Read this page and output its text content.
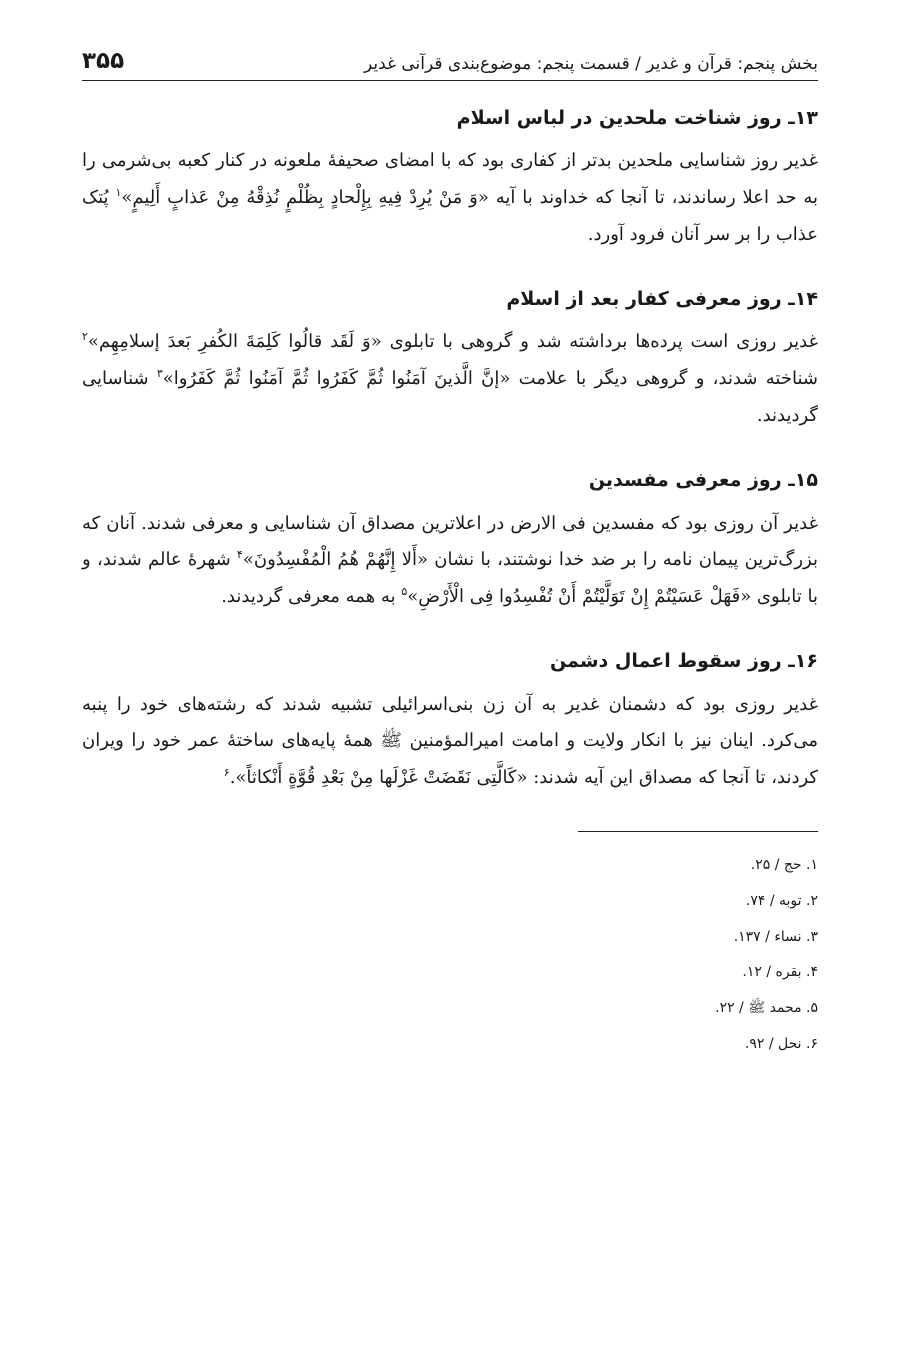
بخش پنجم: قرآن و غدیر / قسمت پنجم: موضوع‌بندی قرآنی غدیر
۳۵۵
۱۳ـ روز شناخت ملحدین در لباس اسلام

غدیر روز شناسایی ملحدین بدتر از کفاری بود که با امضای صحیفهٔ ملعونه در کنار کعبه بی‌شرمی را به حد اعلا رساندند، تا آنجا که خداوند با آیه «وَ مَنْ یُرِدْ فِیهِ بِإِلْحادٍ بِظُلْمٍ نُذِقْهُ مِنْ عَذابٍ أَلِیمٍ»$^۱$ پُتک عذاب را بر سر آنان فرود آورد.

۱۴ـ روز معرفی کفار بعد از اسلام

غدیر روزی است پرده‌ها برداشته شد و گروهی با تابلوی «وَ لَقَد قالُوا کَلِمَةَ الکُفرِ بَعدَ إسلامِهِم»$^۲$ شناخته شدند، و گروهی دیگر با علامت «إنَّ الَّذینَ آمَنُوا ثُمَّ کَفَرُوا ثُمَّ آمَنُوا ثُمَّ کَفَرُوا»$^۳$ شناسایی گردیدند.

۱۵ـ روز معرفی مفسدین

غدیر آن روزی بود که مفسدین فی الارض در اعلاترین مصداق آن شناسایی و معرفی شدند. آنان که بزرگ‌ترین پیمان نامه را بر ضد خدا نوشتند، با نشان «أَلا إِنَّهُمْ هُمُ الْمُفْسِدُونَ»$^۴$ شهرهٔ عالم شدند، و با تابلوی «فَهَلْ عَسَیْتُمْ إِنْ تَوَلَّیْتُمْ أَنْ تُفْسِدُوا فِی الْأَرْضِ»$^۵$ به همه معرفی گردیدند.

۱۶ـ روز سقوط اعمال دشمن

غدیر روزی بود که دشمنان غدیر به آن زن بنی‌اسرائیلی تشبیه شدند که رشته‌های خود را پنبه می‌کرد. اینان نیز با انکار ولایت و امامت امیرالمؤمنین ﷺ همهٔ پایه‌های ساختهٔ عمر خود را ویران کردند، تا آنجا که مصداق این آیه شدند: «کَالَّتِی نَقَضَتْ غَزْلَها مِنْ بَعْدِ قُوَّةٍ أَنْکاثاً».$^۶$

۱. حج / ۲۵.
۲. توبه / ۷۴.
۳. نساء / ۱۳۷.
۴. بقره / ۱۲.
۵. محمد ﷺ / ۲۲.
۶. نحل / ۹۲.
